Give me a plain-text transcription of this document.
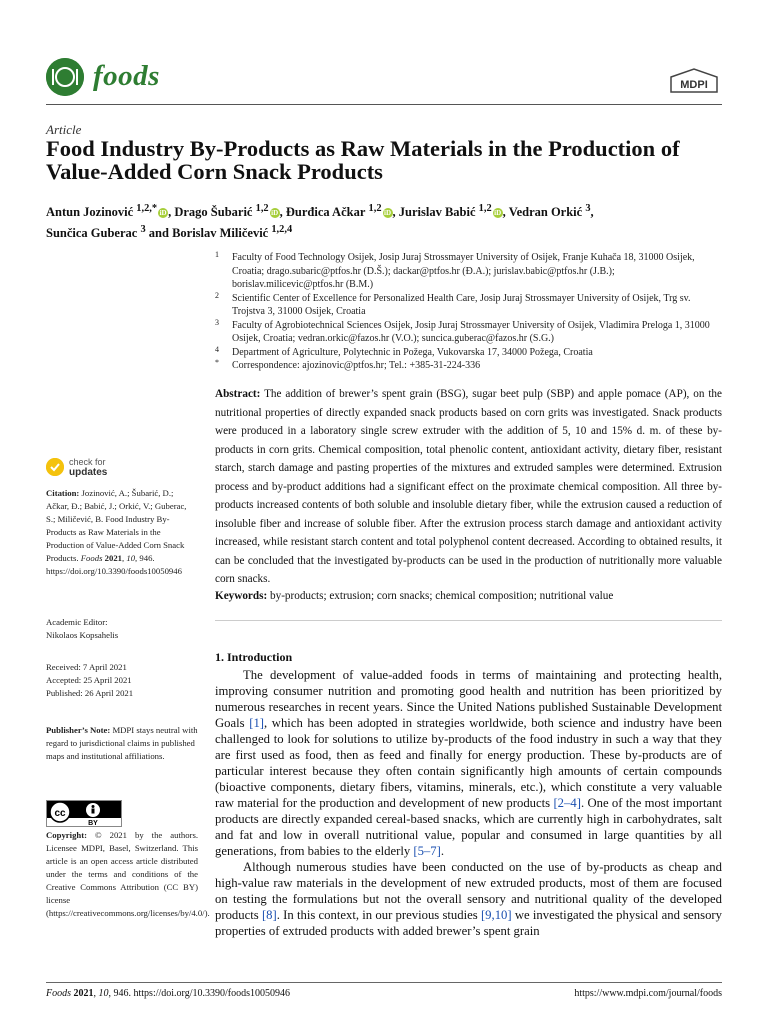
foods	MDPI
Article
Food Industry By-Products as Raw Materials in the Production of Value-Added Corn Snack Products
Antun Jozinović $^{1,2,*}$ iD , Drago Šubarić $^{1,2}$ iD , Đurđica Ačkar $^{1,2}$ iD , Jurislav Babić $^{1,2}$ iD , Vedran Orkić $^3$,
Sunčica Guberac $^3$ and Borislav Miličević $^{1,2,4}$
1 Faculty of Food Technology Osijek, Josip Juraj Strossmayer University of Osijek, Franje Kuhača 18, 31000 Osijek, Croatia; drago.subaric@ptfos.hr (D.Š.); dackar@ptfos.hr (Đ.A.); jurislav.babic@ptfos.hr (J.B.); borislav.milicevic@ptfos.hr (B.M.)
2 Scientific Center of Excellence for Personalized Health Care, Josip Juraj Strossmayer University of Osijek, Trg sv. Trojstva 3, 31000 Osijek, Croatia
3 Faculty of Agrobiotechnical Sciences Osijek, Josip Juraj Strossmayer University of Osijek, Vladimira Preloga 1, 31000 Osijek, Croatia; vedran.orkic@fazos.hr (V.O.); suncica.guberac@fazos.hr (S.G.)
4 Department of Agriculture, Polytechnic in Požega, Vukovarska 17, 34000 Požega, Croatia
* Correspondence: ajozinovic@ptfos.hr; Tel.: +385-31-224-336
Abstract: The addition of brewer’s spent grain (BSG), sugar beet pulp (SBP) and apple pomace (AP), on the nutritional properties of directly expanded snack products based on corn grits was investigated. Snack products were produced in a laboratory single screw extruder with the addition of 5, 10 and 15% d. m. of these by-products in corn grits. Chemical composition, total phenolic content, antioxidant activity, dietary fiber, resistant starch, starch damage and pasting properties of the mixtures and extruded samples were determined. Extrusion process and by-product additions had a significant effect on the proximate chemical composition. All three by-products increased contents of both soluble and insoluble dietary fiber, while the extrusion caused a reduction of insoluble fiber and increase of soluble fiber. After the extrusion process starch damage and antioxidant activity increased, while resistant starch content and total polyphenol content decreased. According to obtained results, it can be concluded that the investigated by-products can be used in the production of nutritionally more valuable corn snacks.
Keywords: by-products; extrusion; corn snacks; chemical composition; nutritional value
1. Introduction

The development of value-added foods in terms of maintaining and protecting health, improving consumer nutrition and promoting good health and nutrition has been prioritized by numerous researches in recent years. Since the United Nations published Sustainable Development Goals [1], which has been adopted in strategies worldwide, both science and industry have been challenged to look for solutions to utilize by-products of the food industry in such a way that they are first used as food, then as feed and finally for energy production. These by-products are of particular interest because they often contain significantly high amounts of certain compounds (bioactive components, dietary fibers, vitamins, minerals, etc.), which constitute a very valuable raw material for the production and development of new products [2–4]. One of the most important products are directly expanded cereal-based snacks, which are currently high in carbohydrates, salt and fat and low in overall nutritional value, popular and consumed in large quantities by all generations, from babies to the elderly [5–7].

Although numerous studies have been conducted on the use of by-products as cheap and high-value raw materials in the development of new extruded products, most of them are focused on testing the formulations but not the overall sensory and nutritional quality of the developed products [8]. In this context, in our previous studies [9,10] we investigated the physical and sensory properties of extruded products with added brewer’s spent grain

check for
updates
Citation: Jozinović, A.; Šubarić, D.; Ačkar, Đ.; Babić, J.; Orkić, V.; Guberac, S.; Miličević, B. Food Industry By-Products as Raw Materials in the Production of Value-Added Corn Snack Products. Foods 2021, 10, 946. https://doi.org/10.3390/foods10050946
Academic Editor:
Nikolaos Kopsahelis
Received: 7 April 2021
Accepted: 25 April 2021
Published: 26 April 2021
Publisher’s Note: MDPI stays neutral with regard to jurisdictional claims in published maps and institutional affiliations.
cc
BY
Copyright: © 2021 by the authors. Licensee MDPI, Basel, Switzerland. This article is an open access article distributed under the terms and conditions of the Creative Commons Attribution (CC BY) license (https://creativecommons.org/licenses/by/4.0/).
Foods 2021, 10, 946. https://doi.org/10.3390/foods10050946	https://www.mdpi.com/journal/foods
